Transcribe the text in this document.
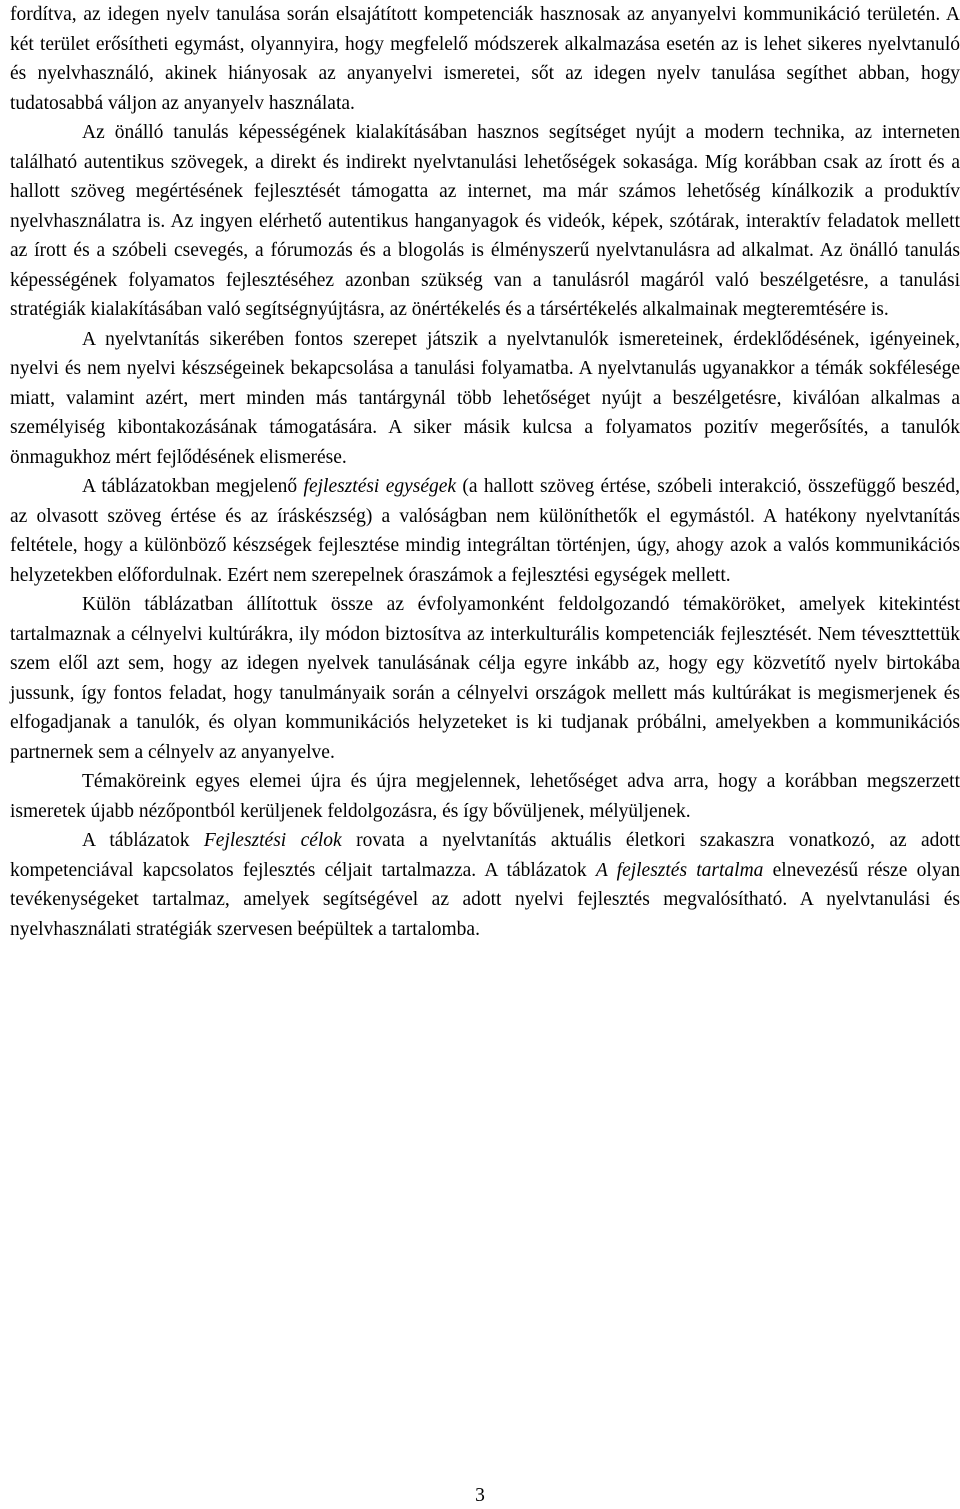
fordítva, az idegen nyelv tanulása során elsajátított kompetenciák hasznosak az anyanyelvi kommunikáció területén. A két terület erősítheti egymást, olyannyira, hogy megfelelő módszerek alkalmazása esetén az is lehet sikeres nyelvtanuló és nyelvhasználó, akinek hiányosak az anyanyelvi ismeretei, sőt az idegen nyelv tanulása segíthet abban, hogy tudatosabbá váljon az anyanyelv használata.

Az önálló tanulás képességének kialakításában hasznos segítséget nyújt a modern technika, az interneten található autentikus szövegek, a direkt és indirekt nyelvtanulási lehetőségek sokasága. Míg korábban csak az írott és a hallott szöveg megértésének fejlesztését támogatta az internet, ma már számos lehetőség kínálkozik a produktív nyelvhasználatra is. Az ingyen elérhető autentikus hanganyagok és videók, képek, szótárak, interaktív feladatok mellett az írott és a szóbeli csevegés, a fórumozás és a blogolás is élményszerű nyelvtanulásra ad alkalmat. Az önálló tanulás képességének folyamatos fejlesztéséhez azonban szükség van a tanulásról magáról való beszélgetésre, a tanulási stratégiák kialakításában való segítségnyújtásra, az önértékelés és a társértékelés alkalmainak megteremtésére is.

A nyelvtanítás sikerében fontos szerepet játszik a nyelvtanulók ismereteinek, érdeklődésének, igényeinek, nyelvi és nem nyelvi készségeinek bekapcsolása a tanulási folyamatba. A nyelvtanulás ugyanakkor a témák sokfélesége miatt, valamint azért, mert minden más tantárgynál több lehetőséget nyújt a beszélgetésre, kiválóan alkalmas a személyiség kibontakozásának támogatására. A siker másik kulcsa a folyamatos pozitív megerősítés, a tanulók önmagukhoz mért fejlődésének elismerése.

A táblázatokban megjelenő fejlesztési egységek (a hallott szöveg értése, szóbeli interakció, összefüggő beszéd, az olvasott szöveg értése és az íráskészség) a valóságban nem különíthetők el egymástól. A hatékony nyelvtanítás feltétele, hogy a különböző készségek fejlesztése mindig integráltan történjen, úgy, ahogy azok a valós kommunikációs helyzetekben előfordulnak. Ezért nem szerepelnek óraszámok a fejlesztési egységek mellett.

Külön táblázatban állítottuk össze az évfolyamonként feldolgozandó témaköröket, amelyek kitekintést tartalmaznak a célnyelvi kultúrákra, ily módon biztosítva az interkulturális kompetenciák fejlesztését. Nem téveszttettük szem elől azt sem, hogy az idegen nyelvek tanulásának célja egyre inkább az, hogy egy közvetítő nyelv birtokába jussunk, így fontos feladat, hogy tanulmányaik során a célnyelvi országok mellett más kultúrákat is megismerjenek és elfogadjanak a tanulók, és olyan kommunikációs helyzeteket is ki tudjanak próbálni, amelyekben a kommunikációs partnernek sem a célnyelv az anyanyelve.

Témaköreink egyes elemei újra és újra megjelennek, lehetőséget adva arra, hogy a korábban megszerzett ismeretek újabb nézőpontból kerüljenek feldolgozásra, és így bővüljenek, mélyüljenek.

A táblázatok Fejlesztési célok rovata a nyelvtanítás aktuális életkori szakaszra vonatkozó, az adott kompetenciával kapcsolatos fejlesztés céljait tartalmazza. A táblázatok A fejlesztés tartalma elnevezésű része olyan tevékenységeket tartalmaz, amelyek segítségével az adott nyelvi fejlesztés megvalósítható. A nyelvtanulási és nyelvhasználati stratégiák szervesen beépültek a tartalomba.

3
